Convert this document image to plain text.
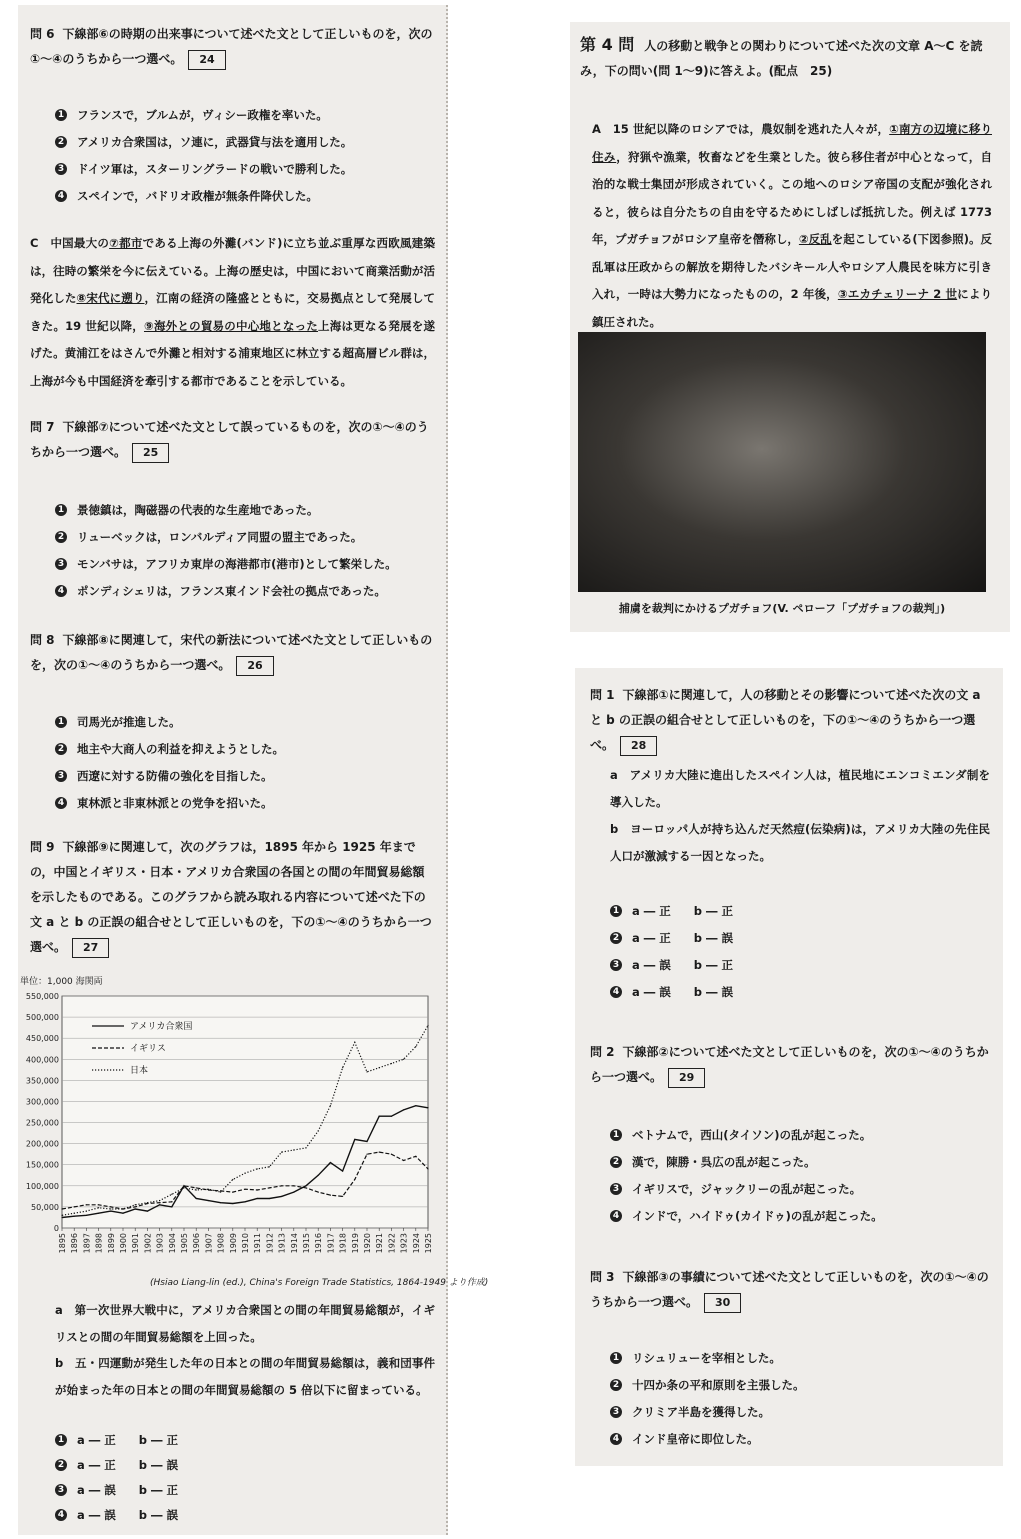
問 6 下線部⑥の時期の出来事について述べた文として正しいものを，次の①〜④のうちから一つ選べ。 24

1 フランスで，ブルムが，ヴィシー政権を率いた。
2 アメリカ合衆国は，ソ連に，武器貸与法を適用した。
3 ドイツ軍は，スターリングラードの戦いで勝利した。
4 スペインで，バドリオ政権が無条件降伏した。

C　 中国最大の⑦都市である上海の外灘(バンド)に立ち並ぶ重厚な西欧風建築は，往時の繁栄を今に伝えている。上海の歴史は，中国において商業活動が活発化した⑧宋代に遡り，江南の経済の隆盛とともに，交易拠点として発展してきた。19 世紀以降，⑨海外との貿易の中心地となった上海は更なる発展を遂げた。黄浦江をはさんで外灘と相対する浦東地区に林立する超高層ビル群は，上海が今も中国経済を牽引する都市であることを示している。

問 7 下線部⑦について述べた文として誤っているものを，次の①〜④のうちから一つ選べ。 25

1 景徳鎮は，陶磁器の代表的な生産地であった。
2 リューベックは，ロンバルディア同盟の盟主であった。
3 モンバサは，アフリカ東岸の海港都市(港市)として繁栄した。
4 ポンディシェリは，フランス東インド会社の拠点であった。

問 8 下線部⑧に関連して，宋代の新法について述べた文として正しいものを，次の①〜④のうちから一つ選べ。 26

1 司馬光が推進した。
2 地主や大商人の利益を抑えようとした。
3 西遼に対する防備の強化を目指した。
4 東林派と非東林派との党争を招いた。

問 9 下線部⑨に関連して，次のグラフは，1895 年から 1925 年までの，中国とイギリス・日本・アメリカ合衆国の各国との間の年間貿易総額を示したものである。このグラフから読み取れる内容について述べた下の文 a と b の正誤の組合せとして正しいものを，下の①〜④のうちから一つ選べ。 27

単位：1,000 海関両
0
50,000
100,000
150,000
200,000
250,000
300,000
350,000
400,000
450,000
500,000
550,000
1895 1896 1897 1898 1899 1900 1901 1902 1903 1904 1905 1906 1907 1908 1909 1910 1911 1912 1913 1914 1915 1916 1917 1918 1919 1920 1921 1922 1923 1924 1925
アメリカ合衆国
イギリス
日本
(Hsiao Liang-lin (ed.), China's Foreign Trade Statistics, 1864-1949 より作成)

a　 第一次世界大戦中に，アメリカ合衆国との間の年間貿易総額が，イギリスとの間の年間貿易総額を上回った。

b　 五・四運動が発生した年の日本との間の年間貿易総額は，義和団事件が始まった年の日本との間の年間貿易総額の 5 倍以下に留まっている。

1 a ― 正　　b ― 正
2 a ― 正　　b ― 誤
3 a ― 誤　　b ― 正
4 a ― 誤　　b ― 誤

第 4 問 人の移動と戦争との関わりについて述べた次の文章 A〜C を読み，下の問い(問 1〜9)に答えよ。(配点　25)

A　 15 世紀以降のロシアでは，農奴制を逃れた人々が，①南方の辺境に移り住み，狩猟や漁業，牧畜などを生業とした。彼ら移住者が中心となって，自治的な戦士集団が形成されていく。この地へのロシア帝国の支配が強化されると，彼らは自分たちの自由を守るためにしばしば抵抗した。例えば 1773 年，プガチョフがロシア皇帝を僭称し，②反乱を起こしている(下図参照)。反乱軍は圧政からの解放を期待したバシキール人やロシア人農民を味方に引き入れ，一時は大勢力になったものの，2 年後，③エカチェリーナ 2 世により鎮圧された。

捕虜を裁判にかけるプガチョフ(V. ペローフ「プガチョフの裁判」)

問 1 下線部①に関連して，人の移動とその影響について述べた次の文 a と b の正誤の組合せとして正しいものを，下の①〜④のうちから一つ選べ。 28

a　 アメリカ大陸に進出したスペイン人は，植民地にエンコミエンダ制を導入した。

b　 ヨーロッパ人が持ち込んだ天然痘(伝染病)は，アメリカ大陸の先住民人口が激減する一因となった。

1 a ― 正　　b ― 正
2 a ― 正　　b ― 誤
3 a ― 誤　　b ― 正
4 a ― 誤　　b ― 誤

問 2 下線部②について述べた文として正しいものを，次の①〜④のうちから一つ選べ。 29

1 ベトナムで，西山(タイソン)の乱が起こった。
2 漢で，陳勝・呉広の乱が起こった。
3 イギリスで，ジャックリーの乱が起こった。
4 インドで，ハイドゥ(カイドゥ)の乱が起こった。

問 3 下線部③の事績について述べた文として正しいものを，次の①〜④のうちから一つ選べ。 30

1 リシュリューを宰相とした。
2 十四か条の平和原則を主張した。
3 クリミア半島を獲得した。
4 インド皇帝に即位した。
